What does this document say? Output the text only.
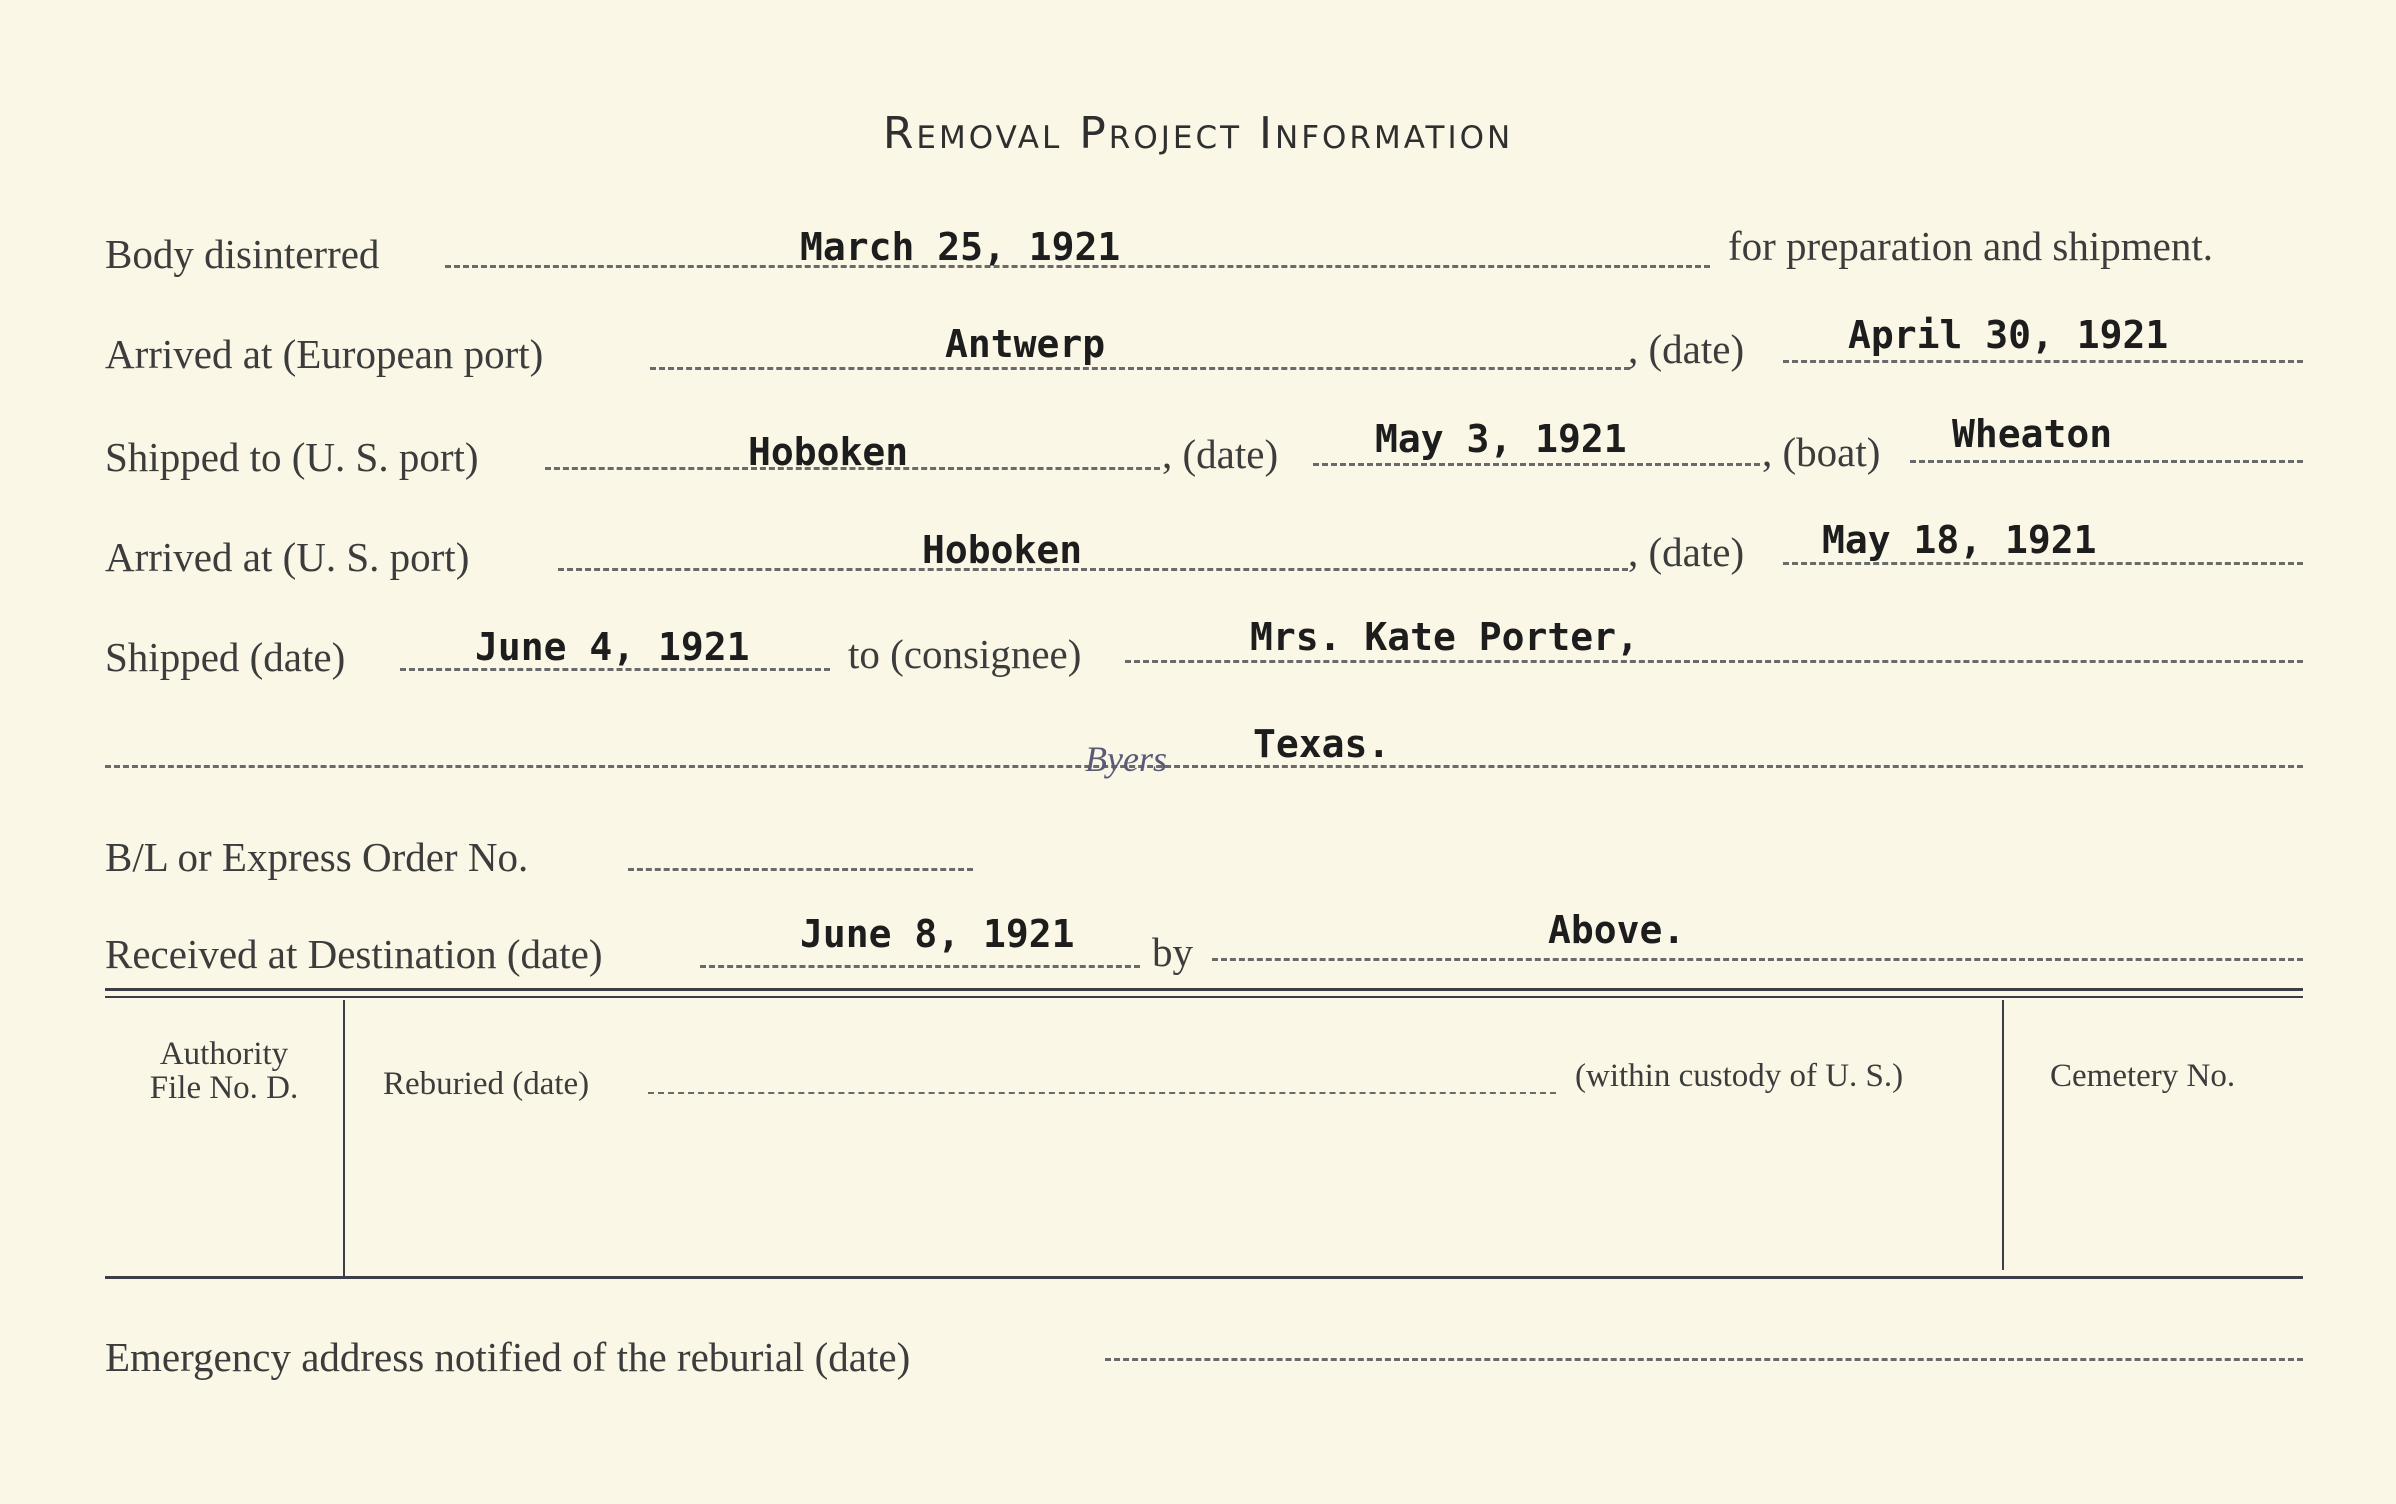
Removal Project Information
Body disinterred	March 25, 1921	for preparation and shipment.
Arrived at (European port)	Antwerp	, (date)	April 30, 1921
Shipped to (U. S. port)	Hoboken	, (date)	May 3, 1921	, (boat) Wheaton
Arrived at (U. S. port)	Hoboken	, (date) May 18, 1921
Shipped (date)	June 4, 1921 to (consignee)	Mrs. Kate Porter,
Byers Texas.
B/L or Express Order No.
Received at Destination (date)	June 8, 1921 by	Above.
Authority
File No. D.	Reburied (date)	(within custody of U. S.)	Cemetery No.
Emergency address notified of the reburial (date)
